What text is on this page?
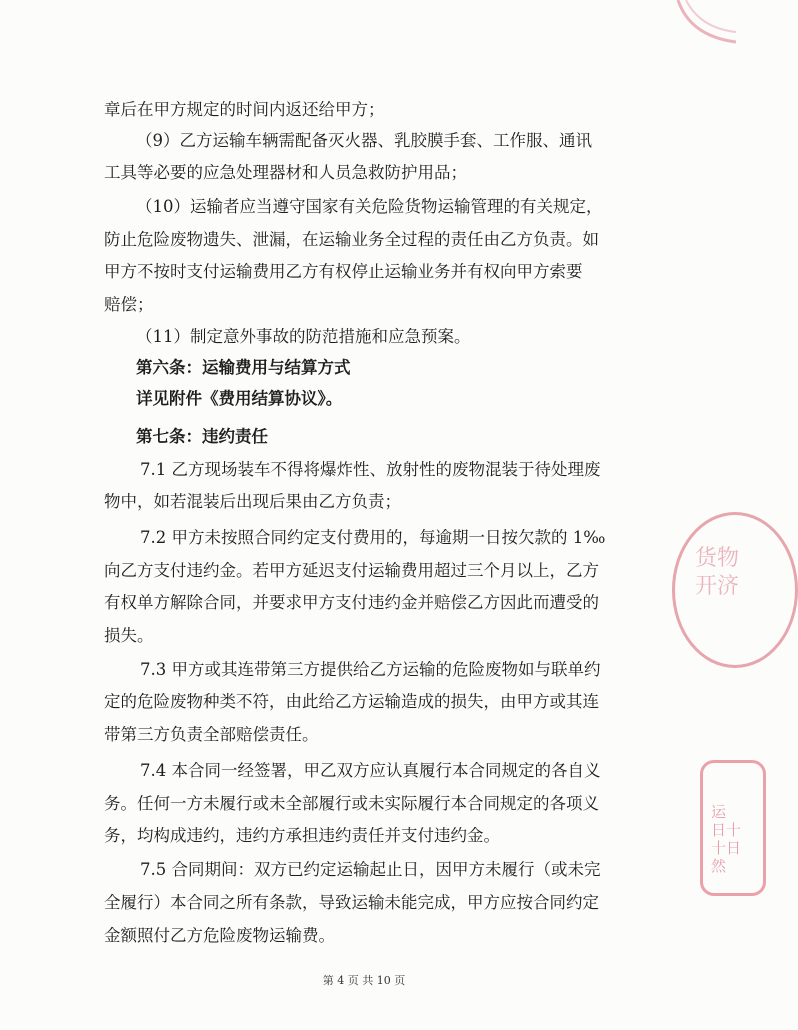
货物
开济

运
日十
十日
然

章后在甲方规定的时间内返还给甲方；

（9）乙方运输车辆需配备灭火器、乳胶膜手套、工作服、通讯

工具等必要的应急处理器材和人员急救防护用品；

（10）运输者应当遵守国家有关危险货物运输管理的有关规定，

防止危险废物遗失、泄漏，在运输业务全过程的责任由乙方负责。如

甲方不按时支付运输费用乙方有权停止运输业务并有权向甲方索要

赔偿；

（11）制定意外事故的防范措施和应急预案。

第六条：运输费用与结算方式

详见附件《费用结算协议》。

第七条：违约责任

7.1 乙方现场装车不得将爆炸性、放射性的废物混装于待处理废

物中，如若混装后出现后果由乙方负责；

7.2 甲方未按照合同约定支付费用的，每逾期一日按欠款的 1‰

向乙方支付违约金。若甲方延迟支付运输费用超过三个月以上，乙方

有权单方解除合同，并要求甲方支付违约金并赔偿乙方因此而遭受的

损失。

7.3 甲方或其连带第三方提供给乙方运输的危险废物如与联单约

定的危险废物种类不符，由此给乙方运输造成的损失，由甲方或其连

带第三方负责全部赔偿责任。

7.4 本合同一经签署，甲乙双方应认真履行本合同规定的各自义

务。任何一方未履行或未全部履行或未实际履行本合同规定的各项义

务，均构成违约，违约方承担违约责任并支付违约金。

7.5 合同期间：双方已约定运输起止日，因甲方未履行（或未完

全履行）本合同之所有条款，导致运输未能完成，甲方应按合同约定

金额照付乙方危险废物运输费。

第 4 页 共 10 页
